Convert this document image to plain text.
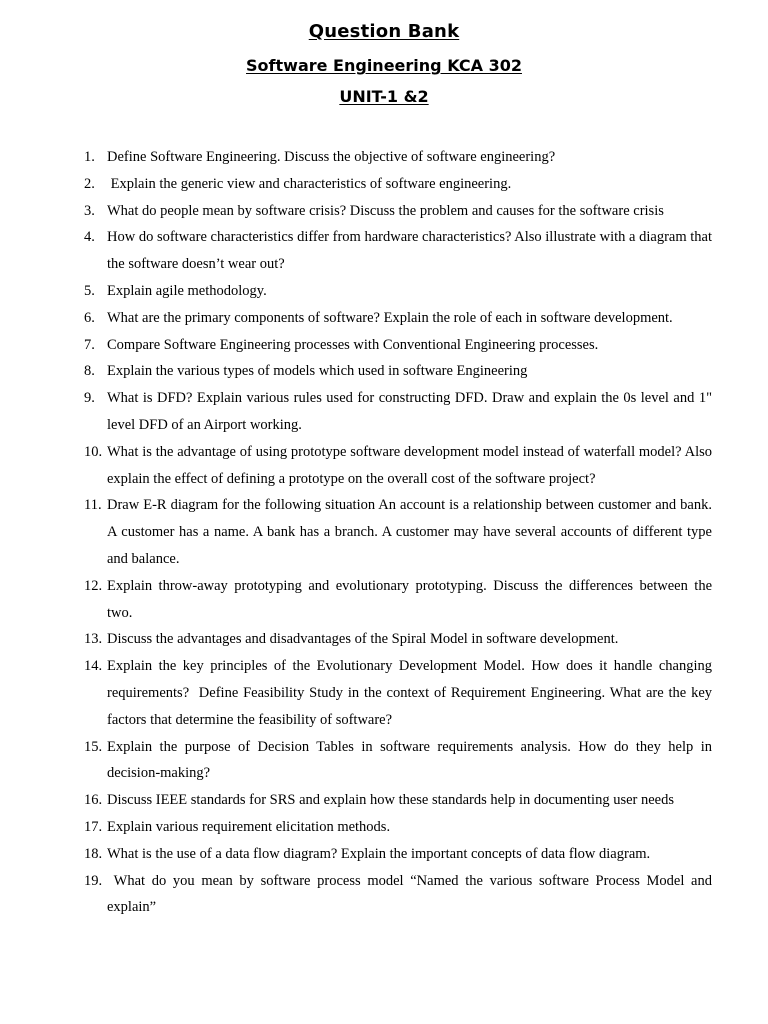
Question Bank
Software Engineering KCA 302
UNIT-1 &2
1. Define Software Engineering. Discuss the objective of software engineering?
2. Explain the generic view and characteristics of software engineering.
3. What do people mean by software crisis? Discuss the problem and causes for the software crisis
4. How do software characteristics differ from hardware characteristics? Also illustrate with a diagram that the software doesn’t wear out?
5. Explain agile methodology.
6. What are the primary components of software? Explain the role of each in software development.
7. Compare Software Engineering processes with Conventional Engineering processes.
8. Explain the various types of models which used in software Engineering
9. What is DFD? Explain various rules used for constructing DFD. Draw and explain the 0s level and 1" level DFD of an Airport working.
10. What is the advantage of using prototype software development model instead of waterfall model? Also explain the effect of defining a prototype on the overall cost of the software project?
11. Draw E-R diagram for the following situation An account is a relationship between customer and bank. A customer has a name. A bank has a branch. A customer may have several accounts of different type and balance.
12. Explain throw-away prototyping and evolutionary prototyping. Discuss the differences between the two.
13. Discuss the advantages and disadvantages of the Spiral Model in software development.
14. Explain the key principles of the Evolutionary Development Model. How does it handle changing requirements?  Define Feasibility Study in the context of Requirement Engineering. What are the key factors that determine the feasibility of software?
15. Explain the purpose of Decision Tables in software requirements analysis. How do they help in decision-making?
16. Discuss IEEE standards for SRS and explain how these standards help in documenting user needs
17. Explain various requirement elicitation methods.
18. What is the use of a data flow diagram? Explain the important concepts of data flow diagram.
19. What do you mean by software process model “Named the various software Process Model and explain”
